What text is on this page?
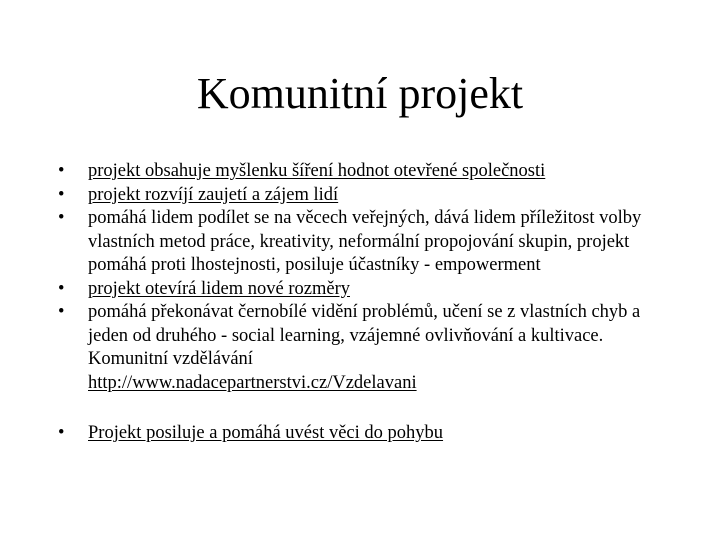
Komunitní projekt
•	projekt obsahuje myšlenku šíření hodnot otevřené společnosti
•	projekt rozvíjí zaujetí a zájem lidí
•	pomáhá lidem podílet se na věcech veřejných, dává lidem příležitost volby vlastních metod práce, kreativity, neformální propojování skupin, projekt pomáhá proti lhostejnosti, posiluje účastníky - empowerment
•	projekt otevírá lidem nové rozměry
•	pomáhá překonávat černobílé vidění problémů, učení se z vlastních chyb a jeden od druhého - social learning, vzájemné ovlivňování a kultivace. Komunitní vzdělávání
http://www.nadacepartnerstvi.cz/Vzdelavani
•	Projekt posiluje a pomáhá uvést věci do pohybu
